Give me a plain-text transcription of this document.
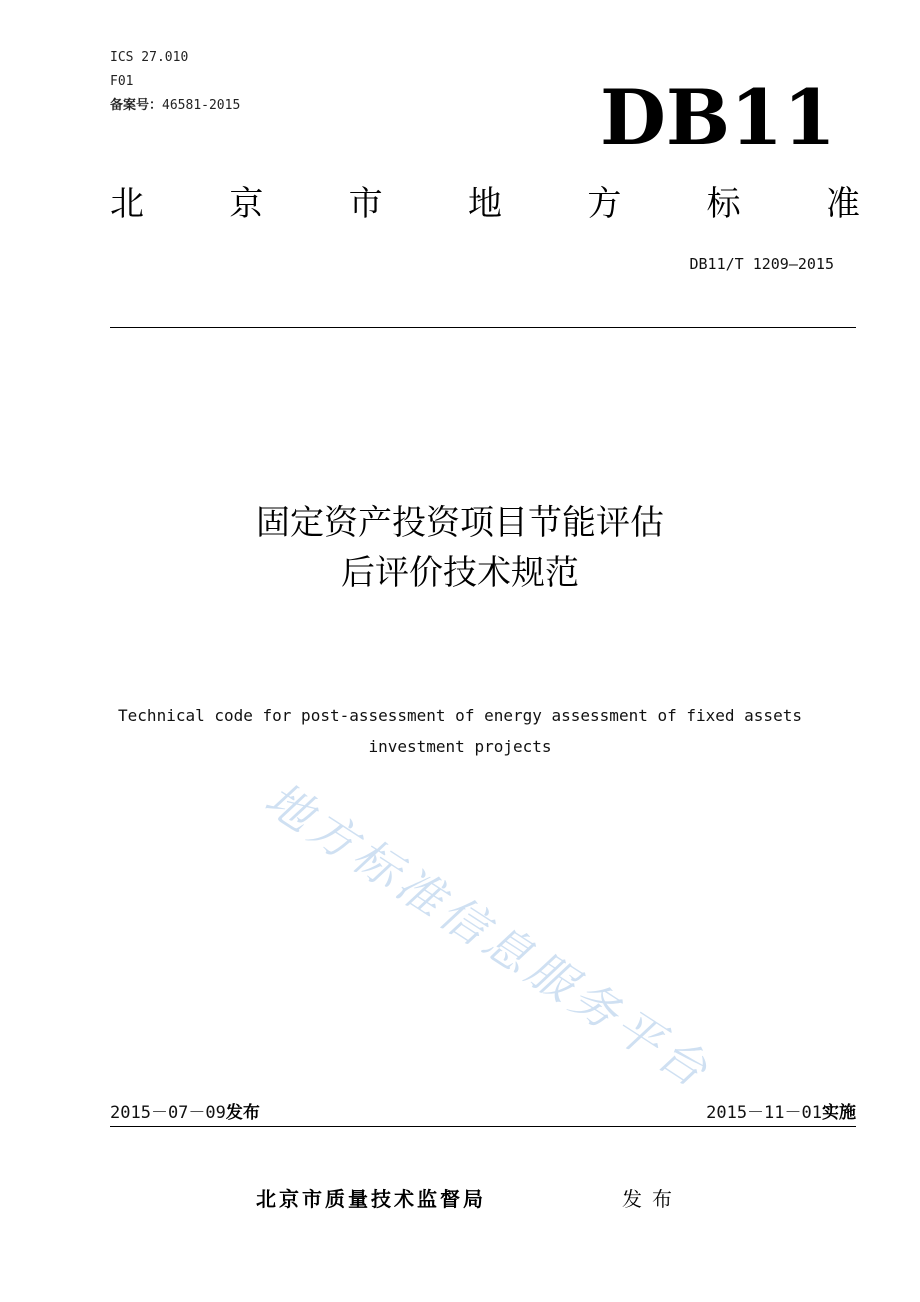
ICS 27.010
F01
备案号：46581-2015	DB11
北	京	市	地	方	标	准
DB11/T 1209—2015
固定资产投资项目节能评估
后评价技术规范
Technical code for post-assessment of energy assessment of fixed assets
investment projects
地方标准信息服务平台
2015－07－09发布	2015－11－01实施
北京市质量技术监督局	发布
